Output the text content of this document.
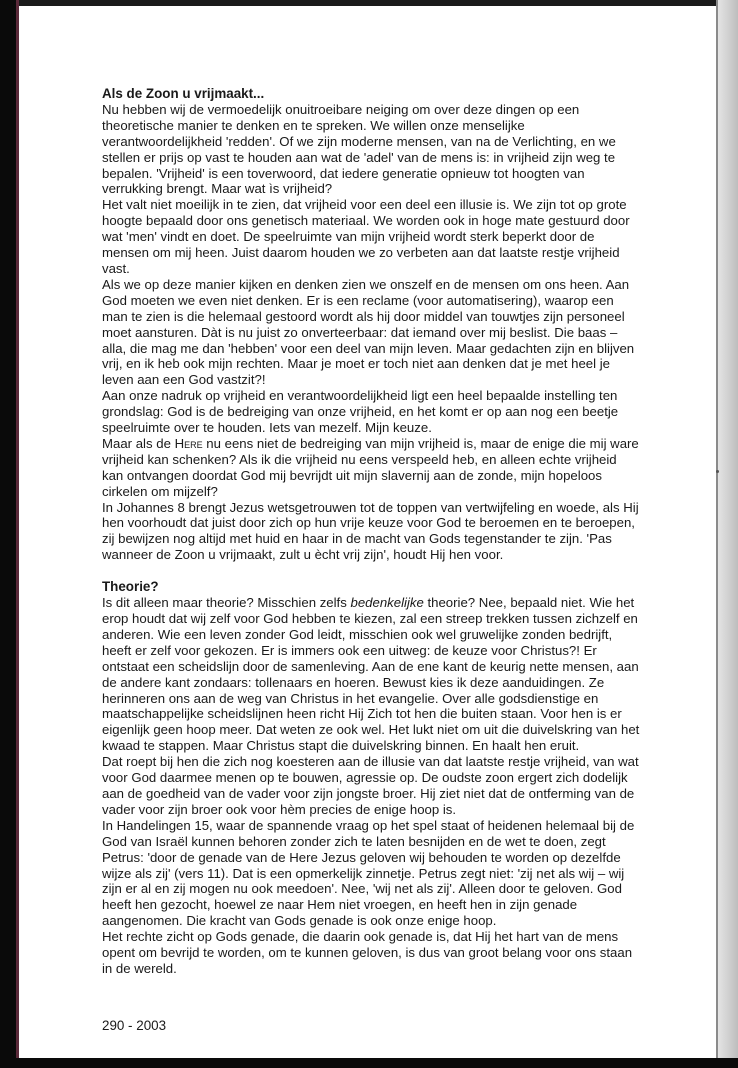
Als de Zoon u vrijmaakt...

Nu hebben wij de vermoedelijk onuitroeibare neiging om over deze dingen op een theoretische manier te denken en te spreken. We willen onze menselijke verantwoordelijkheid 'redden'. Of we zijn moderne mensen, van na de Verlichting, en we stellen er prijs op vast te houden aan wat de 'adel' van de mens is: in vrijheid zijn weg te bepalen. 'Vrijheid' is een toverwoord, dat iedere generatie opnieuw tot hoogten van verrukking brengt. Maar wat ìs vrijheid?

Het valt niet moeilijk in te zien, dat vrijheid voor een deel een illusie is. We zijn tot op grote hoogte bepaald door ons genetisch materiaal. We worden ook in hoge mate gestuurd door wat 'men' vindt en doet. De speelruimte van mijn vrijheid wordt sterk beperkt door de mensen om mij heen. Juist daarom houden we zo verbeten aan dat laatste restje vrijheid vast.

Als we op deze manier kijken en denken zien we onszelf en de mensen om ons heen. Aan God moeten we even niet denken. Er is een reclame (voor automatisering), waarop een man te zien is die helemaal gestoord wordt als hij door middel van touwtjes zijn personeel moet aansturen. Dàt is nu juist zo onverteerbaar: dat iemand over mij beslist. Die baas – alla, die mag me dan 'hebben' voor een deel van mijn leven. Maar gedachten zijn en blijven vrij, en ik heb ook mijn rechten. Maar je moet er toch niet aan denken dat je met heel je leven aan een God vastzit?!

Aan onze nadruk op vrijheid en verantwoordelijkheid ligt een heel bepaalde instelling ten grondslag: God is de bedreiging van onze vrijheid, en het komt er op aan nog een beetje speelruimte over te houden. Iets van mezelf. Mijn keuze.

Maar als de Here nu eens niet de bedreiging van mijn vrijheid is, maar de enige die mij ware vrijheid kan schenken? Als ik die vrijheid nu eens verspeeld heb, en alleen echte vrijheid kan ontvangen doordat God mij bevrijdt uit mijn slavernij aan de zonde, mijn hopeloos cirkelen om mijzelf?

In Johannes 8 brengt Jezus wetsgetrouwen tot de toppen van vertwijfeling en woede, als Hij hen voorhoudt dat juist door zich op hun vrije keuze voor God te beroemen en te beroepen, zij bewijzen nog altijd met huid en haar in de macht van Gods tegenstander te zijn. 'Pas wanneer de Zoon u vrijmaakt, zult u ècht vrij zijn', houdt Hij hen voor.

Theorie?

Is dit alleen maar theorie? Misschien zelfs bedenkelijke theorie? Nee, bepaald niet. Wie het erop houdt dat wij zelf voor God hebben te kiezen, zal een streep trekken tussen zichzelf en anderen. Wie een leven zonder God leidt, misschien ook wel gruwelijke zonden bedrijft, heeft er zelf voor gekozen. Er is immers ook een uitweg: de keuze voor Christus?! Er ontstaat een scheidslijn door de samenleving. Aan de ene kant de keurig nette mensen, aan de andere kant zondaars: tollenaars en hoeren. Bewust kies ik deze aanduidingen. Ze herinneren ons aan de weg van Christus in het evangelie. Over alle godsdienstige en maatschappelijke scheidslijnen heen richt Hij Zich tot hen die buiten staan. Voor hen is er eigenlijk geen hoop meer. Dat weten ze ook wel. Het lukt niet om uit die duivelskring van het kwaad te stappen. Maar Christus stapt die duivelskring binnen. En haalt hen eruit.

Dat roept bij hen die zich nog koesteren aan de illusie van dat laatste restje vrijheid, van wat voor God daarmee menen op te bouwen, agressie op. De oudste zoon ergert zich dodelijk aan de goedheid van de vader voor zijn jongste broer. Hij ziet niet dat de ontferming van de vader voor zijn broer ook voor hèm precies de enige hoop is.

In Handelingen 15, waar de spannende vraag op het spel staat of heidenen helemaal bij de God van Israël kunnen behoren zonder zich te laten besnijden en de wet te doen, zegt Petrus: 'door de genade van de Here Jezus geloven wij behouden te worden op dezelfde wijze als zij' (vers 11). Dat is een opmerkelijk zinnetje. Petrus zegt niet: 'zij net als wij – wij zijn er al en zij mogen nu ook meedoen'. Nee, 'wij net als zij'. Alleen door te geloven. God heeft hen gezocht, hoewel ze naar Hem niet vroegen, en heeft hen in zijn genade aangenomen. Die kracht van Gods genade is ook onze enige hoop.

Het rechte zicht op Gods genade, die daarin ook genade is, dat Hij het hart van de mens opent om bevrijd te worden, om te kunnen geloven, is dus van groot belang voor ons staan in de wereld.

290 - 2003
